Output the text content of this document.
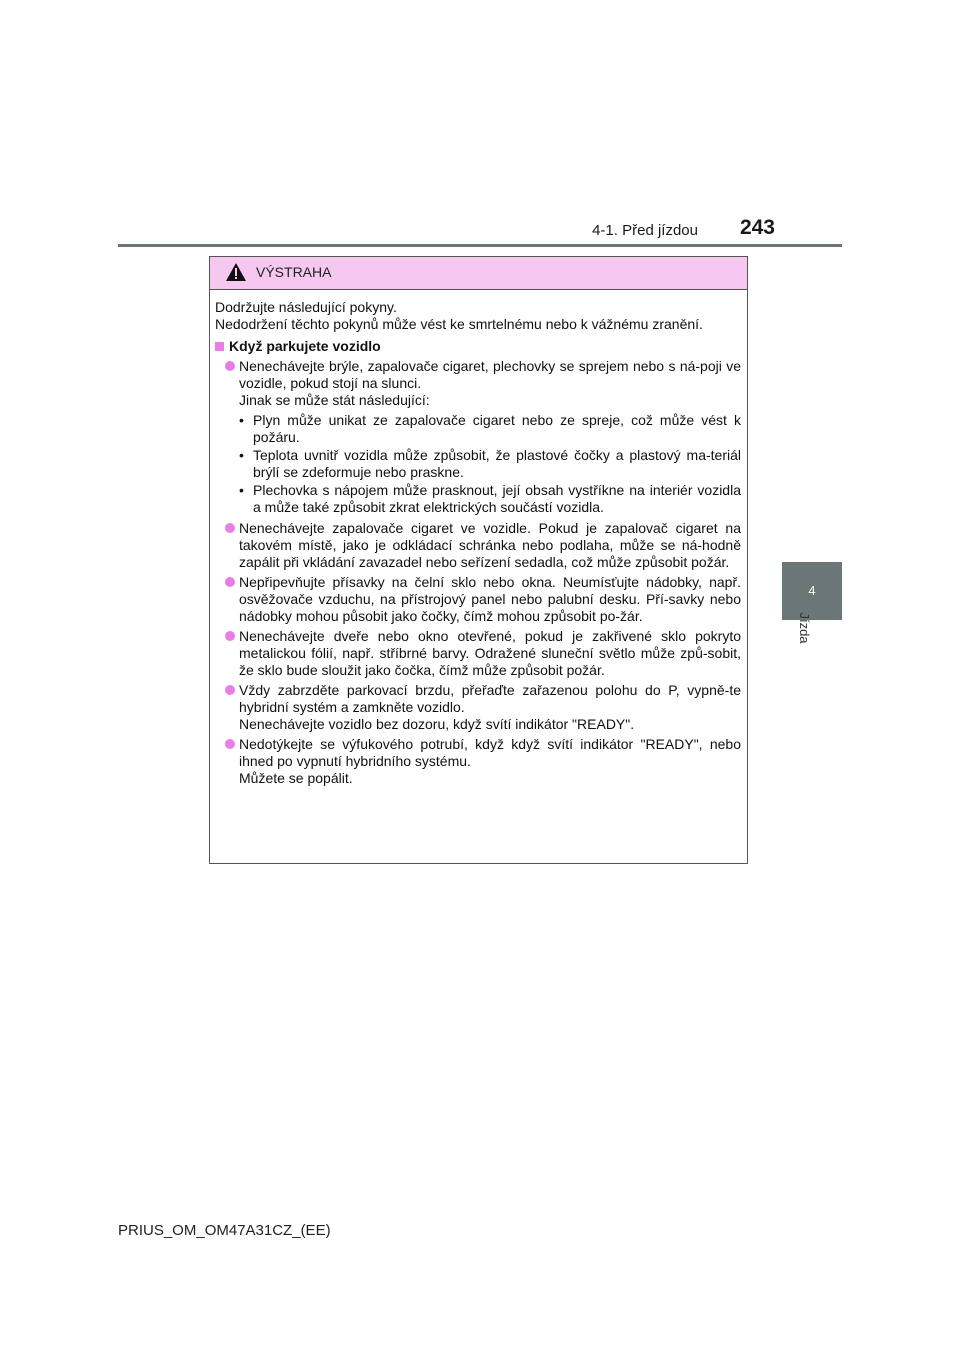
4-1. Před jízdou	243
4
Jízda
VÝSTRAHA

Dodržujte následující pokyny.

Nedodržení těchto pokynů může vést ke smrtelnému nebo k vážnému zranění.

Když parkujete vozidlo

Nenechávejte brýle, zapalovače cigaret, plechovky se sprejem nebo s ná-poji ve vozidle, pokud stojí na slunci.

Jinak se může stát následující:

• Plyn může unikat ze zapalovače cigaret nebo ze spreje, což může vést k požáru.
• Teplota uvnitř vozidla může způsobit, že plastové čočky a plastový ma-teriál brýlí se zdeformuje nebo praskne.
• Plechovka s nápojem může prasknout, její obsah vystříkne na interiér vozidla a může také způsobit zkrat elektrických součástí vozidla.

Nenechávejte zapalovače cigaret ve vozidle. Pokud je zapalovač cigaret na takovém místě, jako je odkládací schránka nebo podlaha, může se ná-hodně zapálit při vkládání zavazadel nebo seřízení sedadla, což může způsobit požár.

Nepřipevňujte přísavky na čelní sklo nebo okna. Neumísťujte nádobky, např. osvěžovače vzduchu, na přístrojový panel nebo palubní desku. Pří-savky nebo nádobky mohou působit jako čočky, čímž mohou způsobit po-žár.

Nenechávejte dveře nebo okno otevřené, pokud je zakřivené sklo pokryto metalickou fólií, např. stříbrné barvy. Odražené sluneční světlo může způ-sobit, že sklo bude sloužit jako čočka, čímž může způsobit požár.

Vždy zabrzděte parkovací brzdu, přeřaďte zařazenou polohu do P, vypně-te hybridní systém a zamkněte vozidlo.

Nenechávejte vozidlo bez dozoru, když svítí indikátor "READY".

Nedotýkejte se výfukového potrubí, když když svítí indikátor "READY", nebo ihned po vypnutí hybridního systému.

Můžete se popálit.

PRIUS_OM_OM47A31CZ_(EE)
